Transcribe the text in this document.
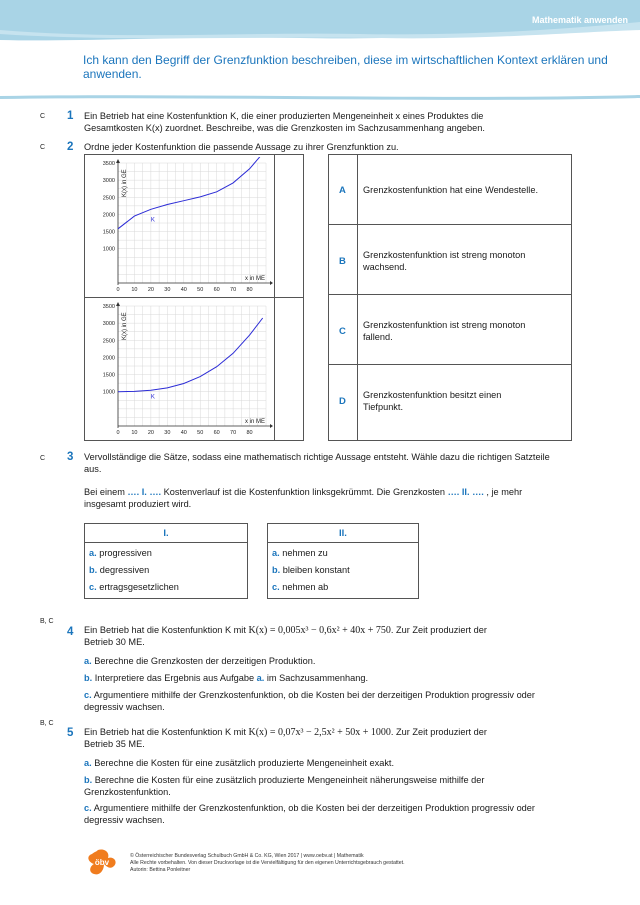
Mathematik anwenden
Ich kann den Begriff der Grenzfunktion beschreiben, diese im wirtschaftlichen Kontext erklären und anwenden.
C 1 Ein Betrieb hat eine Kostenfunktion K, die einer produzierten Mengeneinheit x eines Produktes die Gesamtkosten K(x) zuordnet. Beschreibe, was die Grenzkosten im Sachzusammenhang angeben.
C 2 Ordne jeder Kostenfunktion die passende Aussage zu ihrer Grenzfunktion zu.
0 10 20 30 40 50 60 70 80
1000
1500
2000
2500
3000
3500
K(x) in GE
x in ME
K
0 10 20 30 40 50 60 70 80
1000
1500
2000
2500
3000
3500
K(x) in GE
x in ME
K
A Grenzkostenfunktion hat eine Wendestelle.
B
Grenzkostenfunktion ist streng monoton wachsend.
C
Grenzkostenfunktion ist streng monoton fallend.
D
Grenzkostenfunktion besitzt einen Tiefpunkt.
C 3 Vervollständige die Sätze, sodass eine mathematisch richtige Aussage entsteht. Wähle dazu die richtigen Satzteile aus.
Bei einem …. I. …. Kostenverlauf ist die Kostenfunktion linksgekrümmt. Die Grenzkosten …. II. …. , je mehr insgesamt produziert wird.
I.
a. progressiven
b. degressiven
c. ertragsgesetzlichen
II.
a. nehmen zu
b. bleiben konstant
c. nehmen ab
B, C
4 Ein Betrieb hat die Kostenfunktion K mit K(x) = 0,005x³ − 0,6x² + 40x + 750. Zur Zeit produziert der
Betrieb 30 ME.
a. Berechne die Grenzkosten der derzeitigen Produktion.
b. Interpretiere das Ergebnis aus Aufgabe a. im Sachzusammenhang.
c. Argumentiere mithilfe der Grenzkostenfunktion, ob die Kosten bei der derzeitigen Produktion progressiv oder degressiv wachsen.
B, C
5 Ein Betrieb hat die Kostenfunktion K mit K(x) = 0,07x³ − 2,5x² + 50x + 1000. Zur Zeit produziert der
Betrieb 35 ME.
a. Berechne die Kosten für eine zusätzlich produzierte Mengeneinheit exakt.
b. Berechne die Kosten für eine zusätzlich produzierte Mengeneinheit näherungsweise mithilfe der Grenzkostenfunktion.
c. Argumentiere mithilfe der Grenzkostenfunktion, ob die Kosten bei der derzeitigen Produktion progressiv oder degressiv wachsen.
öbv
© Österreichischer Bundesverlag Schulbuch GmbH & Co. KG, Wien 2017 | www.oebv.at | Mathematik
Alle Rechte vorbehalten. Von dieser Druckvorlage ist die Vervielfältigung für den eigenen Unterrichtsgebrauch gestattet.
Autorin: Bettina Ponleitner
